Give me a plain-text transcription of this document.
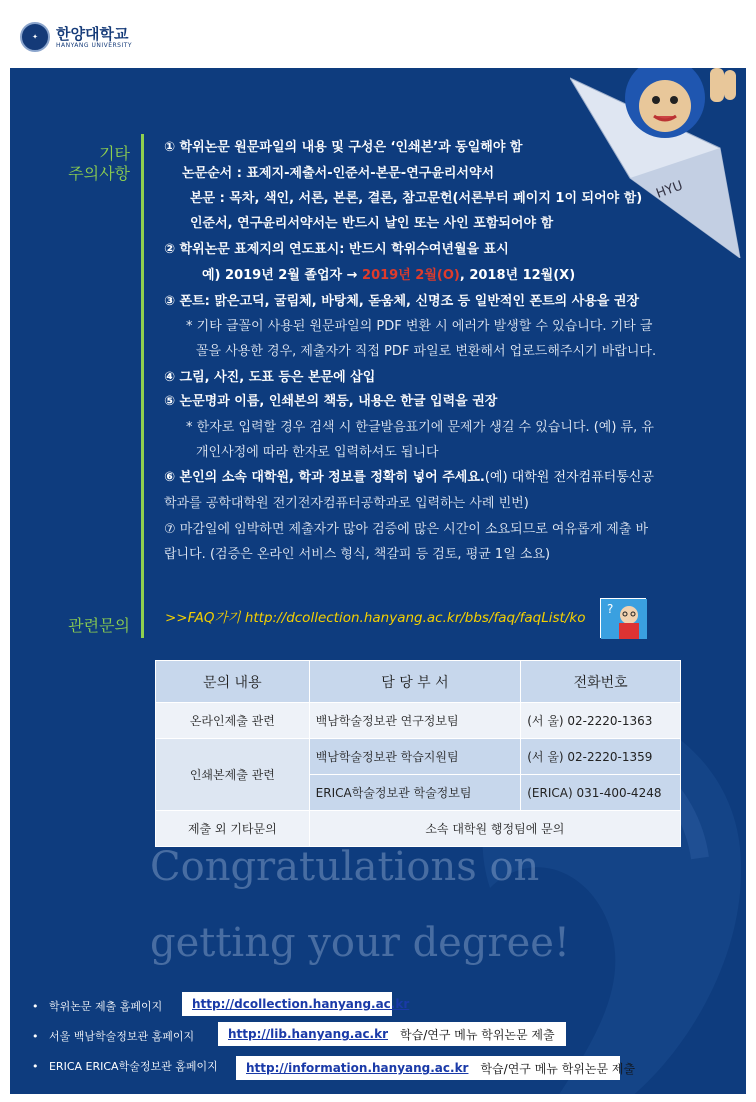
✦	한양대학교
HANYANG UNIVERSITY
HYU
기타
주의사항
① 학위논문 원문파일의 내용 및 구성은 ‘인쇄본’과 동일해야 함
논문순서 : 표제지-제출서-인준서-본문-연구윤리서약서
본문 : 목차, 색인, 서론, 본론, 결론, 참고문헌(서론부터 페이지 1이 되어야 함)
인준서, 연구윤리서약서는 반드시 날인 또는 사인 포함되어야 함
② 학위논문 표제지의 연도표시: 반드시 학위수여년월을 표시
예) 2019년 2월 졸업자 → 2019년 2월(O), 2018년 12월(X)
③ 폰트: 맑은고딕, 굴림체, 바탕체, 돋움체, 신명조 등 일반적인 폰트의 사용을 권장
* 기타 글꼴이 사용된 원문파일의 PDF 변환 시 에러가 발생할 수 있습니다. 기타 글
꼴을 사용한 경우, 제출자가 직접 PDF 파일로 변환해서 업로드해주시기 바랍니다.
④ 그림, 사진, 도표 등은 본문에 삽입
⑤ 논문명과 이름, 인쇄본의 책등, 내용은 한글 입력을 권장
* 한자로 입력할 경우 검색 시 한글발음표기에 문제가 생길 수 있습니다. (예) 류, 유
개인사정에 따라 한자로 입력하셔도 됩니다
⑥ 본인의 소속 대학원, 학과 정보를 정확히 넣어 주세요.(예) 대학원 전자컴퓨터통신공
학과를 공학대학원 전기전자컴퓨터공학과로 입력하는 사례 빈번)
⑦ 마감일에 임박하면 제출자가 많아 검증에 많은 시간이 소요되므로 여유롭게 제출 바
랍니다. (검증은 온라인 서비스 형식, 책갈피 등 검토, 평균 1일 소요)
관련문의	>>FAQ가기 http://dcollection.hanyang.ac.kr/bbs/faq/faqList/ko
?
문의 내용	담 당 부 서	전화번호
온라인제출 관련	백남학술정보관 연구정보팀	(서 울) 02-2220-1363
인쇄본제출 관련	백남학술정보관 학습지원팀	(서 울) 02-2220-1359
	ERICA학술정보관 학술정보팀	(ERICA) 031-400-4248
제출 외 기타문의	소속 대학원 행정팀에 문의	
Congratulations on
getting your degree!
•   학위논문 제출 홈페이지 http://dcollection.hanyang.ac.kr
•   서울 백남학술정보관 홈페이지	http://lib.hanyang.ac.kr 학습/연구 메뉴 학위논문 제출
•   ERICA ERICA학술정보관 홈페이지 http://information.hanyang.ac.kr 학습/연구 메뉴 학위논문 제출
